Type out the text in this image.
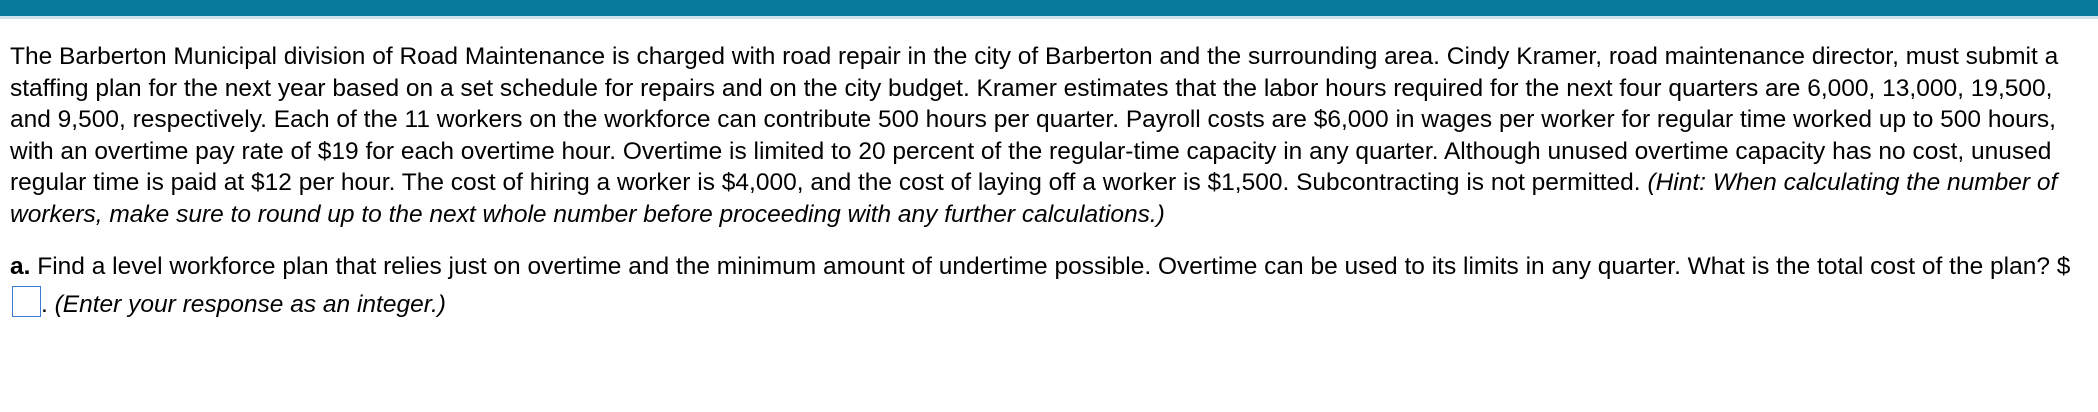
The Barberton Municipal division of Road Maintenance is charged with road repair in the city of Barberton and the surrounding area. Cindy Kramer, road maintenance director, must submit a staffing plan for the next year based on a set schedule for repairs and on the city budget. Kramer estimates that the labor hours required for the next four quarters are 6,000, 13,000, 19,500, and 9,500, respectively. Each of the 11 workers on the workforce can contribute 500 hours per quarter. Payroll costs are $6,000 in wages per worker for regular time worked up to 500 hours, with an overtime pay rate of $19 for each overtime hour. Overtime is limited to 20 percent of the regular-time capacity in any quarter. Although unused overtime capacity has no cost, unused regular time is paid at $12 per hour. The cost of hiring a worker is $4,000, and the cost of laying off a worker is $1,500. Subcontracting is not permitted. (Hint: When calculating the number of workers, make sure to round up to the next whole number before proceeding with any further calculations.)

a. Find a level workforce plan that relies just on overtime and the minimum amount of undertime possible. Overtime can be used to its limits in any quarter. What is the total cost of the plan? $. (Enter your response as an integer.)
